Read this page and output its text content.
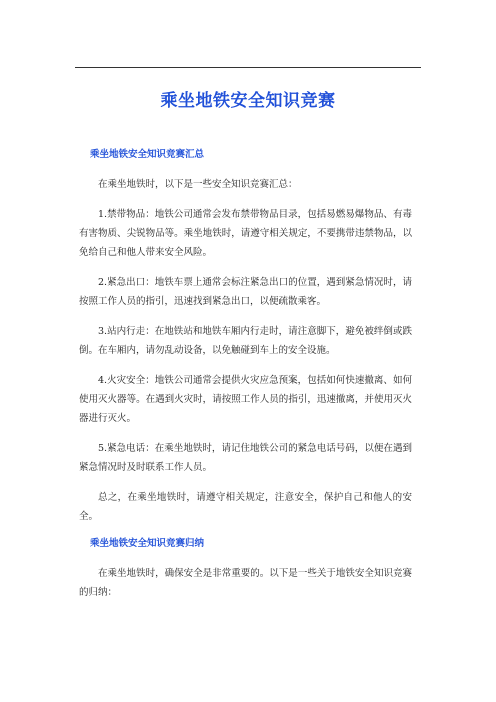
乘坐地铁安全知识竞赛
乘坐地铁安全知识竞赛汇总

在乘坐地铁时，以下是一些安全知识竞赛汇总：

1.禁带物品：地铁公司通常会发布禁带物品目录，包括易燃易爆物品、有毒有害物质、尖锐物品等。乘坐地铁时，请遵守相关规定，不要携带违禁物品，以免给自己和他人带来安全风险。

2.紧急出口：地铁车票上通常会标注紧急出口的位置，遇到紧急情况时，请按照工作人员的指引，迅速找到紧急出口，以便疏散乘客。

3.站内行走：在地铁站和地铁车厢内行走时，请注意脚下，避免被绊倒或跌倒。在车厢内，请勿乱动设备，以免触碰到车上的安全设施。

4.火灾安全：地铁公司通常会提供火灾应急预案，包括如何快速撤离、如何使用灭火器等。在遇到火灾时，请按照工作人员的指引，迅速撤离，并使用灭火器进行灭火。

5.紧急电话：在乘坐地铁时，请记住地铁公司的紧急电话号码，以便在遇到紧急情况时及时联系工作人员。

总之，在乘坐地铁时，请遵守相关规定，注意安全，保护自己和他人的安全。

乘坐地铁安全知识竞赛归纳

在乘坐地铁时，确保安全是非常重要的。以下是一些关于地铁安全知识竞赛的归纳：
